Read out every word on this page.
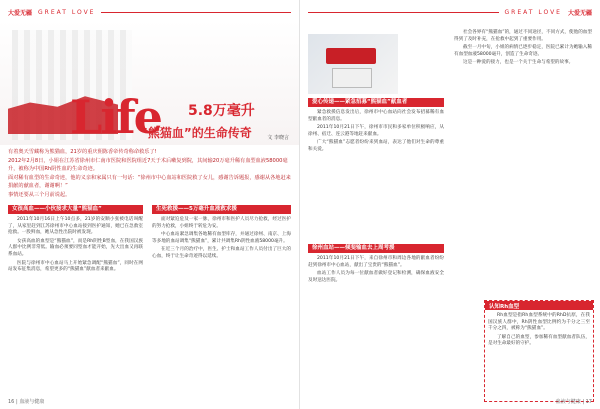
大爱无疆 GREAT LOVE
Life 5.8万毫升
“熊猫血”的生命传奇	文 李晓言

有着奥天雪藏称为熊猫血，21岁的重庆佣陈香帝传奇称命救乐了!

2012年2月8日，小姐在江苏省徐州市仁南市医院和医院组近7天于术后嗽复到院，其间输20万毫升稀有血型血液58000毫升，被称为中国Rh阴性血的生命奇迹。

面对稀有血型的生命奇迹，他的义亲和家属只有一句话：“徐州市中心血站和医院救了女儿，感谢告诉题报，感谢从各地赶来捐献的献血者，谢谢啊！”

事情还要从三个月前说起。

女孩高血——小伙接求大量“熊猫血”

2011年10月16日上午10点多，21岁的安顺小张被电话叫醒了，从家里赶到江苏徐州市中心血站接到医护通知，她已在急救室抢救。一股鲜血，她从急性出院时被发现。

女孩高血的血型是“熊猫血”，而是Rh阴性B型血，在我国汉族人群中比例非常低。输血必须要同型血才能开始，先大出血又再联系血站。

医院与徐州市中心血站马上开始紧急调配“熊猫血”，同时在网站发布征集消息，希望更多的“熊猫血”献血者来献血。

生死救援——5万毫升血液救求援

面对紧迫危及一家一脉，徐州市和医护人员尽力抢救，经过医护的努力抢救，小姐终于转危为安。

中心血站紧急调集各地稀有血型库存，并通过徐州、南京、上海等多地的血站调集“熊猫血”，累计共调集Rh阴性血液58000毫升。

在近三个月的治疗中，医生、护士和血站工作人员付出了巨大的心血，终于让生命奇迹得以延续。

16 | 血液与健康
GREAT LOVE 大爱无疆
爱心传递——紧急招募“熊猫血”献血者

紧急救援信息发出后，徐州市中心血站向社会发布招募稀有血型献血者的消息。

2011年10月21日下午，徐州市市民和多家单位积极响应，从徐州、宿迁、连云港等地赶来献血。

广大“熊猫血”志愿者纷纷来到血站，表达了他们对生命的尊重和关爱。

徐州血站——倾斐输血去上周考援

2011年10月21日下午，来自徐州市和周边各地的献血者纷纷赶到徐州市中心血站，献出了宝贵的“熊猫血”。

血站工作人员为每一位献血者做好登记和检测，确保血液安全及时送达医院。

社会各界有“熊猫血”的，通过不同途径，不同方式，使他的血型得到了及时补充，在抢救中起到了重要作用。

截至一月中旬，小姐的病情已逐步稳定，医院已累计为她输入稀有血型血液58000毫升，创造了生命奇迹。

这是一种爱的接力，也是一个关于生命与希望的故事。

认知Rh血型

Rh血型是指Rh血型系统中的RhD抗原，在我国汉族人群中，Rh阴性血型比例约为千分之三至千分之四，被称为“熊猫血”。

了解自己的血型，参加稀有血型献血者队伍，是对生命最好的守护。

血液与健康 | 17
